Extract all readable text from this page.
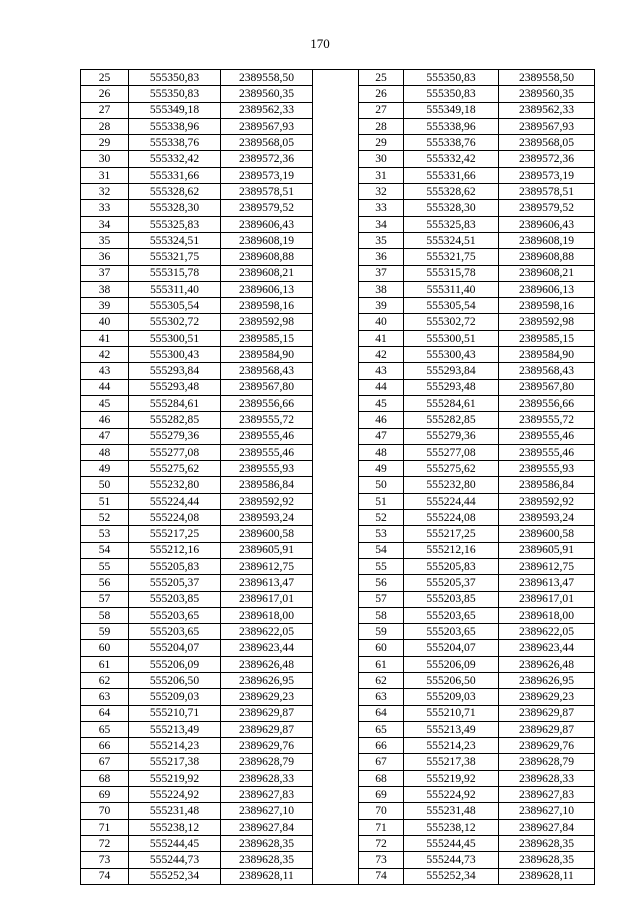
170
25	555350,83	2389558,50		25	555350,83	2389558,50
26	555350,83	2389560,35		26	555350,83	2389560,35
27	555349,18	2389562,33		27	555349,18	2389562,33
28	555338,96	2389567,93		28	555338,96	2389567,93
29	555338,76	2389568,05		29	555338,76	2389568,05
30	555332,42	2389572,36		30	555332,42	2389572,36
31	555331,66	2389573,19		31	555331,66	2389573,19
32	555328,62	2389578,51		32	555328,62	2389578,51
33	555328,30	2389579,52		33	555328,30	2389579,52
34	555325,83	2389606,43		34	555325,83	2389606,43
35	555324,51	2389608,19		35	555324,51	2389608,19
36	555321,75	2389608,88		36	555321,75	2389608,88
37	555315,78	2389608,21		37	555315,78	2389608,21
38	555311,40	2389606,13		38	555311,40	2389606,13
39	555305,54	2389598,16		39	555305,54	2389598,16
40	555302,72	2389592,98		40	555302,72	2389592,98
41	555300,51	2389585,15		41	555300,51	2389585,15
42	555300,43	2389584,90		42	555300,43	2389584,90
43	555293,84	2389568,43		43	555293,84	2389568,43
44	555293,48	2389567,80		44	555293,48	2389567,80
45	555284,61	2389556,66		45	555284,61	2389556,66
46	555282,85	2389555,72		46	555282,85	2389555,72
47	555279,36	2389555,46		47	555279,36	2389555,46
48	555277,08	2389555,46		48	555277,08	2389555,46
49	555275,62	2389555,93		49	555275,62	2389555,93
50	555232,80	2389586,84		50	555232,80	2389586,84
51	555224,44	2389592,92		51	555224,44	2389592,92
52	555224,08	2389593,24		52	555224,08	2389593,24
53	555217,25	2389600,58		53	555217,25	2389600,58
54	555212,16	2389605,91		54	555212,16	2389605,91
55	555205,83	2389612,75		55	555205,83	2389612,75
56	555205,37	2389613,47		56	555205,37	2389613,47
57	555203,85	2389617,01		57	555203,85	2389617,01
58	555203,65	2389618,00		58	555203,65	2389618,00
59	555203,65	2389622,05		59	555203,65	2389622,05
60	555204,07	2389623,44		60	555204,07	2389623,44
61	555206,09	2389626,48		61	555206,09	2389626,48
62	555206,50	2389626,95		62	555206,50	2389626,95
63	555209,03	2389629,23		63	555209,03	2389629,23
64	555210,71	2389629,87		64	555210,71	2389629,87
65	555213,49	2389629,87		65	555213,49	2389629,87
66	555214,23	2389629,76		66	555214,23	2389629,76
67	555217,38	2389628,79		67	555217,38	2389628,79
68	555219,92	2389628,33		68	555219,92	2389628,33
69	555224,92	2389627,83		69	555224,92	2389627,83
70	555231,48	2389627,10		70	555231,48	2389627,10
71	555238,12	2389627,84		71	555238,12	2389627,84
72	555244,45	2389628,35		72	555244,45	2389628,35
73	555244,73	2389628,35		73	555244,73	2389628,35
74	555252,34	2389628,11		74	555252,34	2389628,11
